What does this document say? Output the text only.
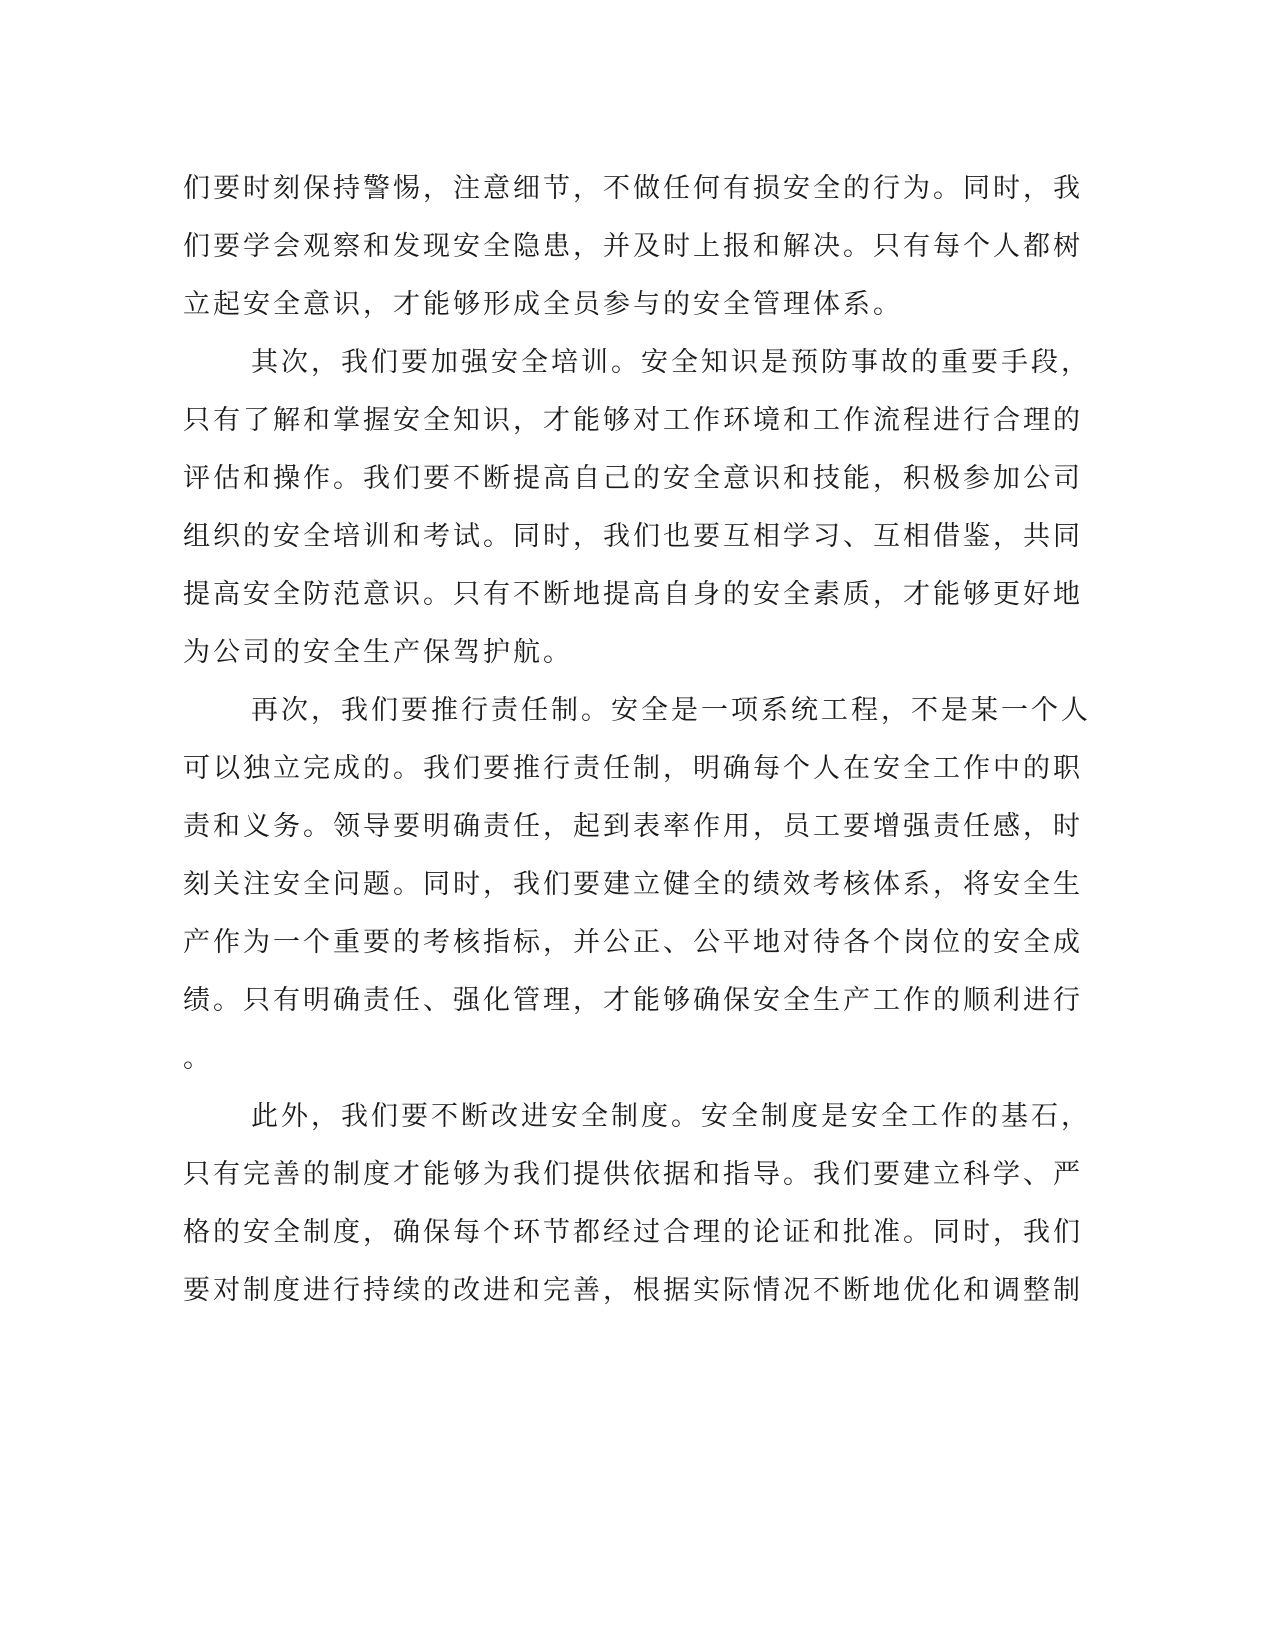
们要时刻保持警惕，注意细节，不做任何有损安全的行为。同时，我
们要学会观察和发现安全隐患，并及时上报和解决。只有每个人都树
立起安全意识，才能够形成全员参与的安全管理体系。
其次，我们要加强安全培训。安全知识是预防事故的重要手段，
只有了解和掌握安全知识，才能够对工作环境和工作流程进行合理的
评估和操作。我们要不断提高自己的安全意识和技能，积极参加公司
组织的安全培训和考试。同时，我们也要互相学习、互相借鉴，共同
提高安全防范意识。只有不断地提高自身的安全素质，才能够更好地
为公司的安全生产保驾护航。
再次，我们要推行责任制。安全是一项系统工程，不是某一个人
可以独立完成的。我们要推行责任制，明确每个人在安全工作中的职
责和义务。领导要明确责任，起到表率作用，员工要增强责任感，时
刻关注安全问题。同时，我们要建立健全的绩效考核体系，将安全生
产作为一个重要的考核指标，并公正、公平地对待各个岗位的安全成
绩。只有明确责任、强化管理，才能够确保安全生产工作的顺利进行
。
此外，我们要不断改进安全制度。安全制度是安全工作的基石，
只有完善的制度才能够为我们提供依据和指导。我们要建立科学、严
格的安全制度，确保每个环节都经过合理的论证和批准。同时，我们
要对制度进行持续的改进和完善，根据实际情况不断地优化和调整制
